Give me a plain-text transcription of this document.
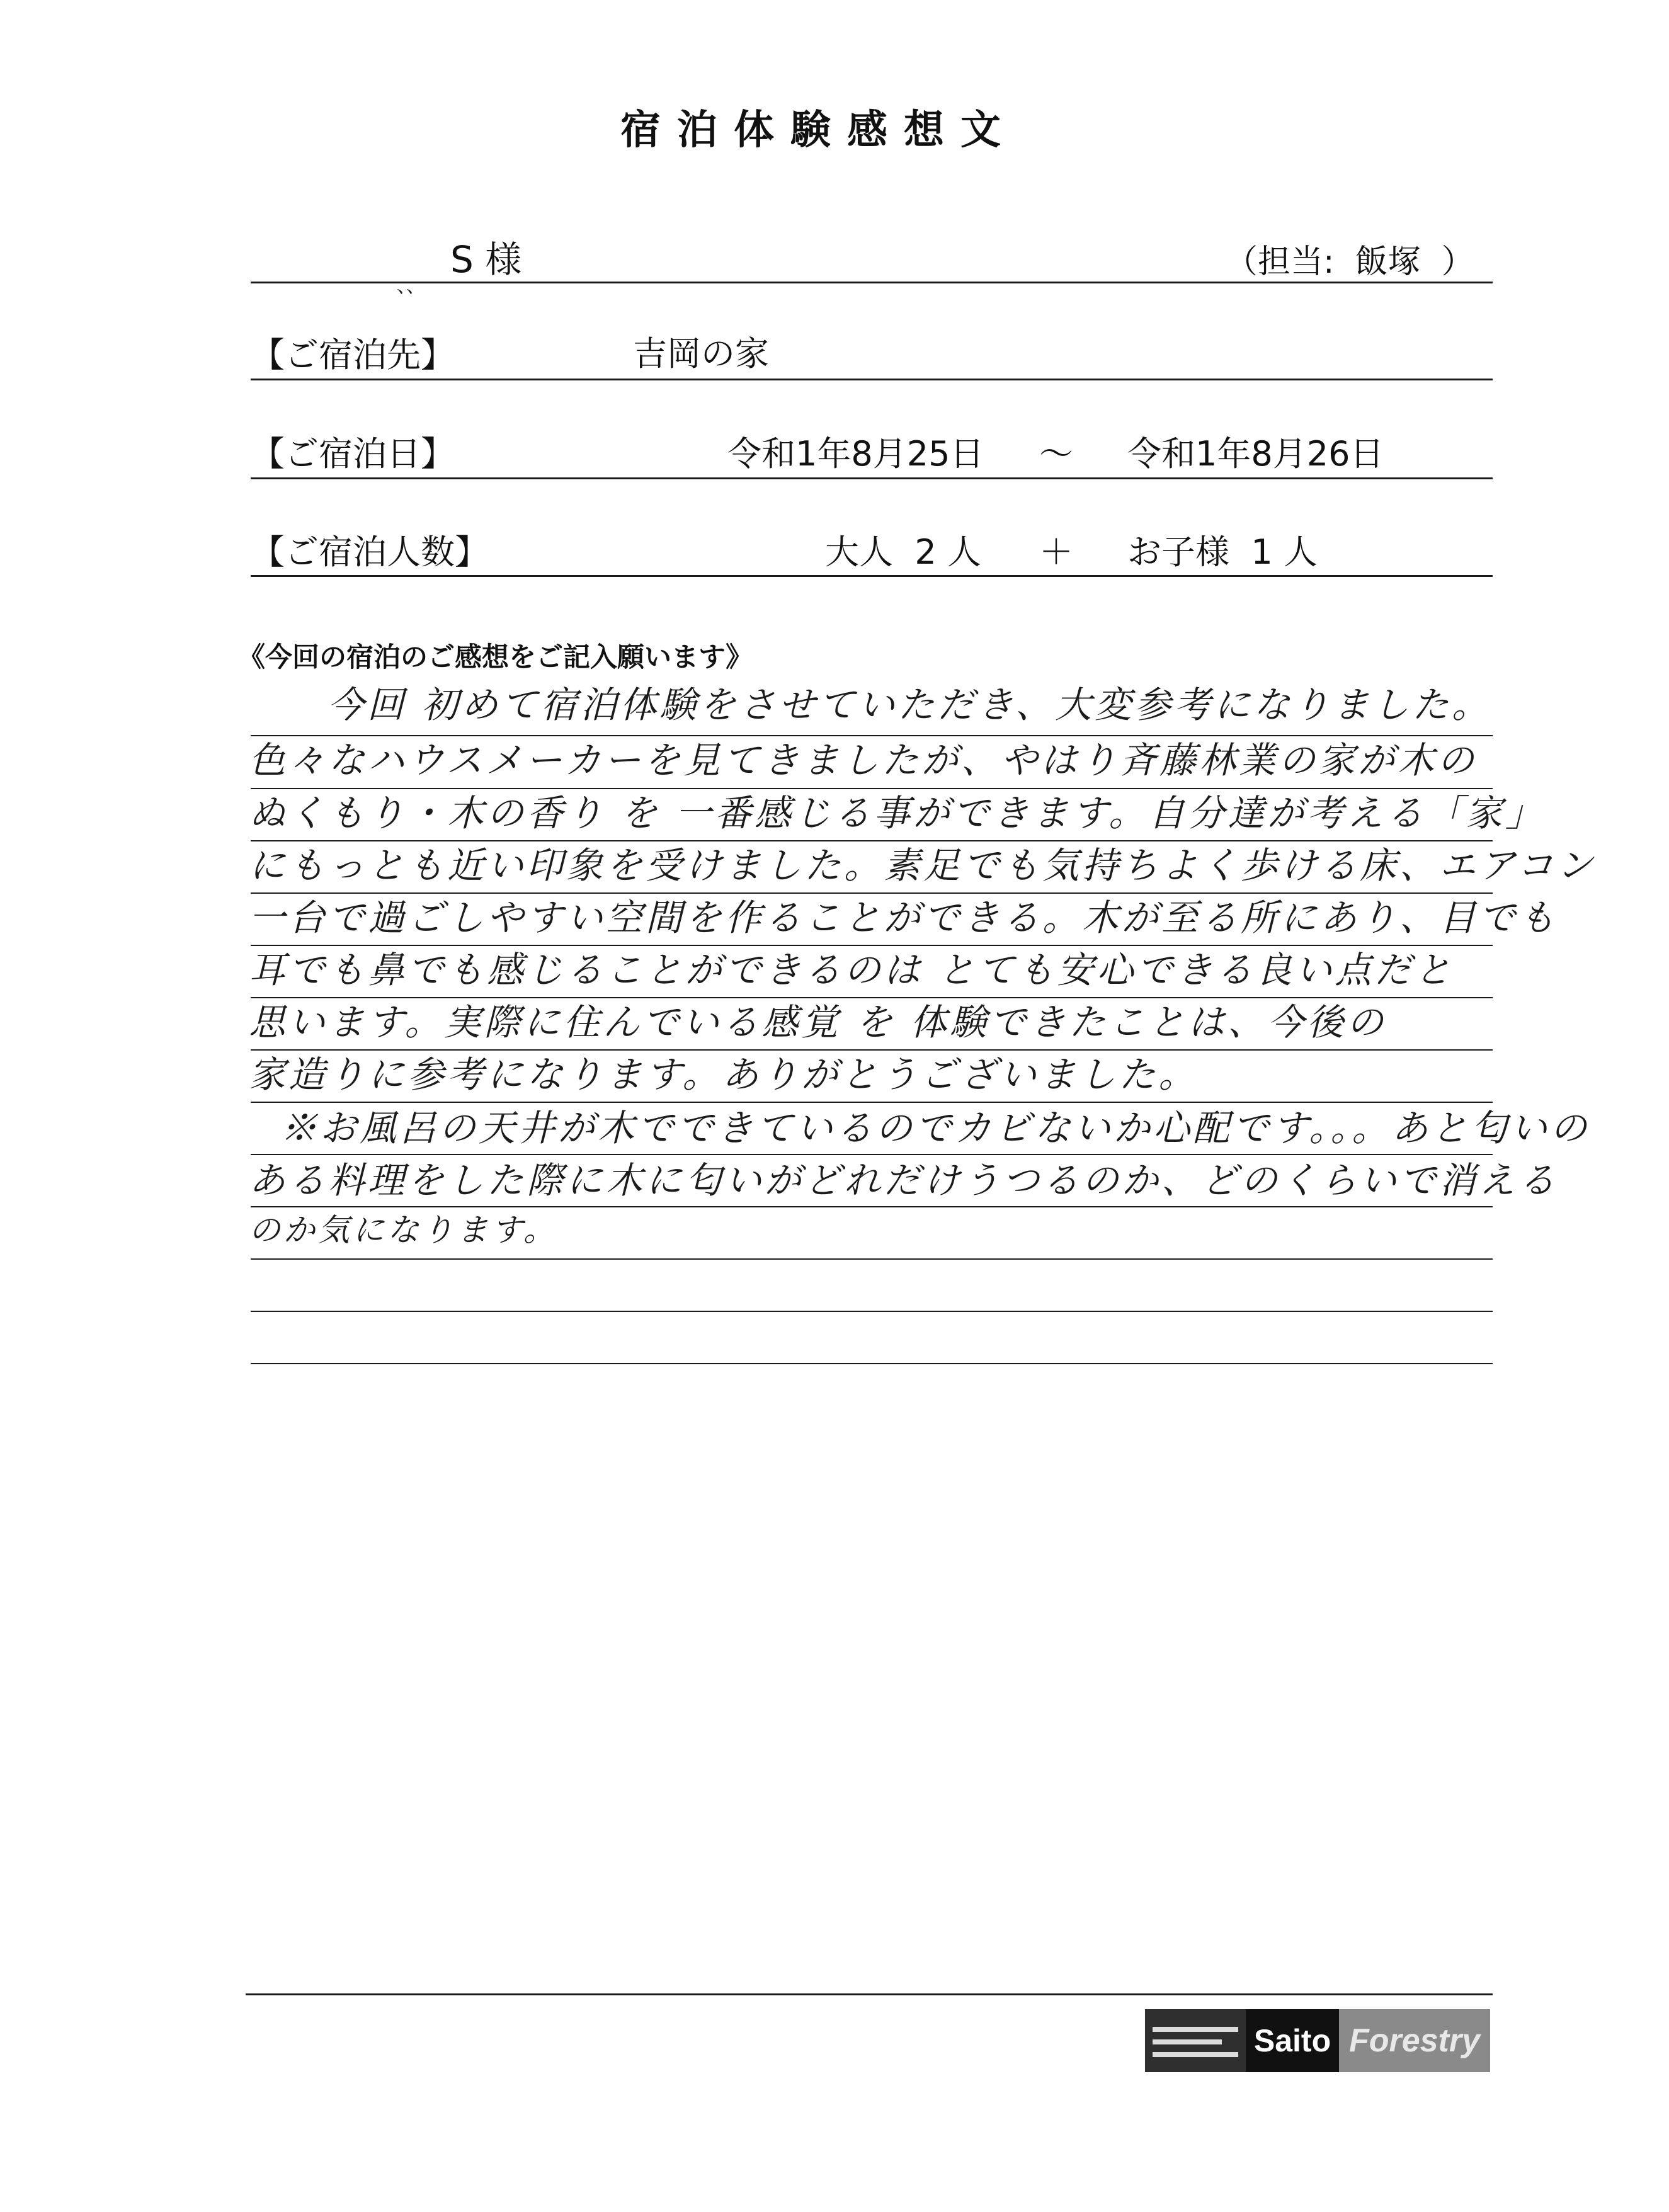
宿泊体験感想文
、、
S 様	（担当:  飯塚  ）
【ご宿泊先】	吉岡の家
【ご宿泊日】	令和1年8月25日 ～ 令和1年8月26日
【ご宿泊人数】	大人  2 人 ＋ お子様  1 人
《今回の宿泊のご感想をご記入願います》
今回 初めて宿泊体験をさせていただき、大変参考になりました。
色々なハウスメーカーを見てきましたが、やはり斉藤林業の家が木の
ぬくもり・木の香り を 一番感じる事ができます。自分達が考える「家」
にもっとも近い印象を受けました。素足でも気持ちよく歩ける床、エアコン
一台で過ごしやすい空間を作ることができる。木が至る所にあり、目でも
耳でも鼻でも感じることができるのは とても安心できる良い点だと
思います。実際に住んでいる感覚 を 体験できたことは、今後の
家造りに参考になります。ありがとうございました。
※お風呂の天井が木でできているのでカビないか心配です。。。あと匂いの
ある料理をした際に木に匂いがどれだけうつるのか、どのくらいで消える
のか気になります。
Saito Forestry
